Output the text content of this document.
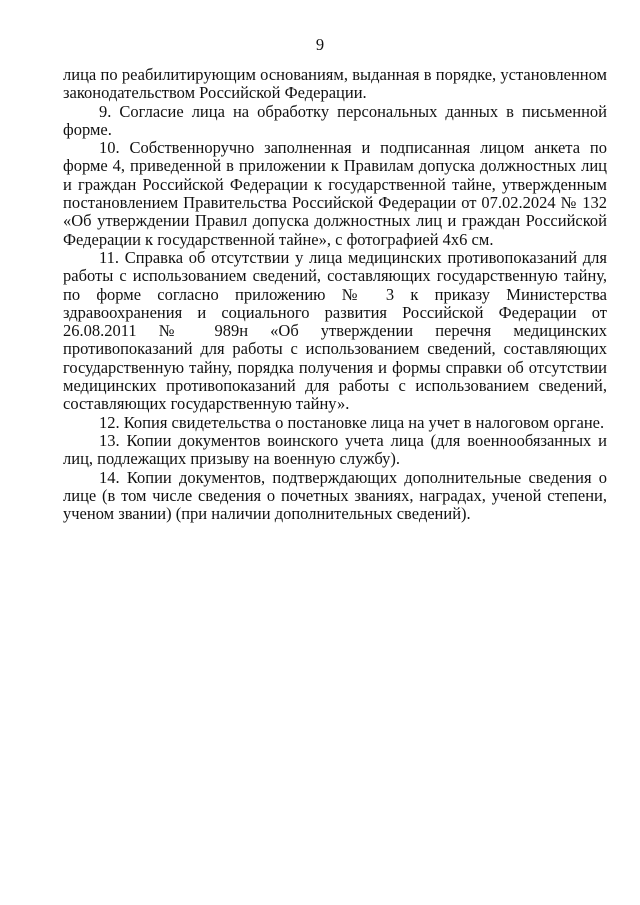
9

лица по реабилитирующим основаниям, выданная в порядке, установленном законодательством Российской Федерации.

9. Согласие лица на обработку персональных данных в письменной форме.

10. Собственноручно заполненная и подписанная лицом анкета по форме 4, приведенной в приложении к Правилам допуска должностных лиц и граждан Российской Федерации к государственной тайне, утвержденным постановлением Правительства Российской Федерации от 07.02.2024 № 132 «Об утверждении Правил допуска должностных лиц и граждан Российской Федерации к государственной тайне», с фотографией 4х6 см.

11. Справка об отсутствии у лица медицинских противопоказаний для работы с использованием сведений, составляющих государственную тайну, по форме согласно приложению № 3 к приказу Министерства здравоохранения и социального развития Российской Федерации от 26.08.2011 № 989н «Об утверждении перечня медицинских противопоказаний для работы с использованием сведений, составляющих государственную тайну, порядка получения и формы справки об отсутствии медицинских противопоказаний для работы с использованием сведений, составляющих государственную тайну».

12. Копия свидетельства о постановке лица на учет в налоговом органе.

13. Копии документов воинского учета лица (для военнообязанных и лиц, подлежащих призыву на военную службу).

14. Копии документов, подтверждающих дополнительные сведения о лице (в том числе сведения о почетных званиях, наградах, ученой степени, ученом звании) (при наличии дополнительных сведений).
